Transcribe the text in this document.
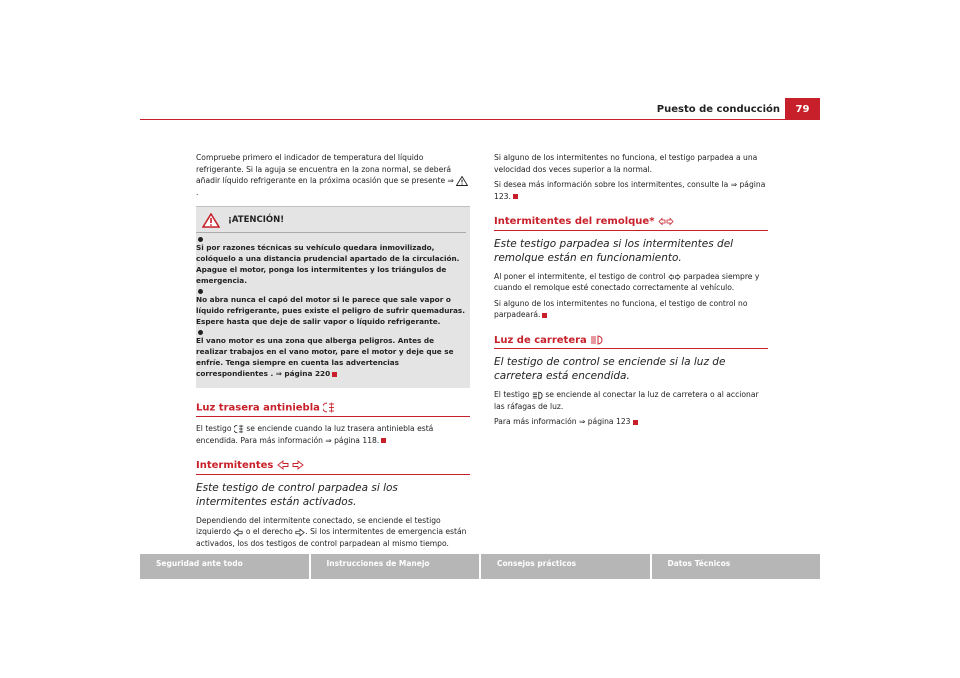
Puesto de conducción	79

Compruebe primero el indicador de temperatura del líquido refrigerante. Si la aguja se encuentra en la zona normal, se deberá añadir líquido refrigerante en la próxima ocasión que se presente ⇒ .

¡ATENCIÓN!
Si por razones técnicas su vehículo quedara inmovilizado, colóquelo a una distancia prudencial apartado de la circulación. Apague el motor, ponga los intermitentes y los triángulos de emergencia.
No abra nunca el capó del motor si le parece que sale vapor o líquido refrigerante, pues existe el peligro de sufrir quemaduras. Espere hasta que deje de salir vapor o líquido refrigerante.
El vano motor es una zona que alberga peligros. Antes de realizar trabajos en el vano motor, pare el motor y deje que se enfríe. Tenga siempre en cuenta las advertencias correspondientes . ⇒ página 220
Luz trasera antiniebla

El testigo se enciende cuando la luz trasera antiniebla está encendida. Para más información ⇒ página 118.

Intermitentes
Este testigo de control parpadea si los intermitentes están activados.

Dependiendo del intermitente conectado, se enciende el testigo izquierdo o el derecho . Si los intermitentes de emergencia están activados, los dos testigos de control parpadean al mismo tiempo.

Si alguno de los intermitentes no funciona, el testigo parpadea a una velocidad dos veces superior a la normal.

Si desea más información sobre los intermitentes, consulte la ⇒ página 123.

Intermitentes del remolque*
Este testigo parpadea si los intermitentes del remolque están en funcionamiento.

Al poner el intermitente, el testigo de control parpadea siempre y cuando el remolque esté conectado correctamente al vehículo.

Si alguno de los intermitentes no funciona, el testigo de control no parpadeará.

Luz de carretera
El testigo de control se enciende si la luz de carretera está encendida.

El testigo se enciende al conectar la luz de carretera o al accionar las ráfagas de luz.

Para más información ⇒ página 123

Seguridad ante todo	Instrucciones de Manejo	Consejos prácticos	Datos Técnicos
